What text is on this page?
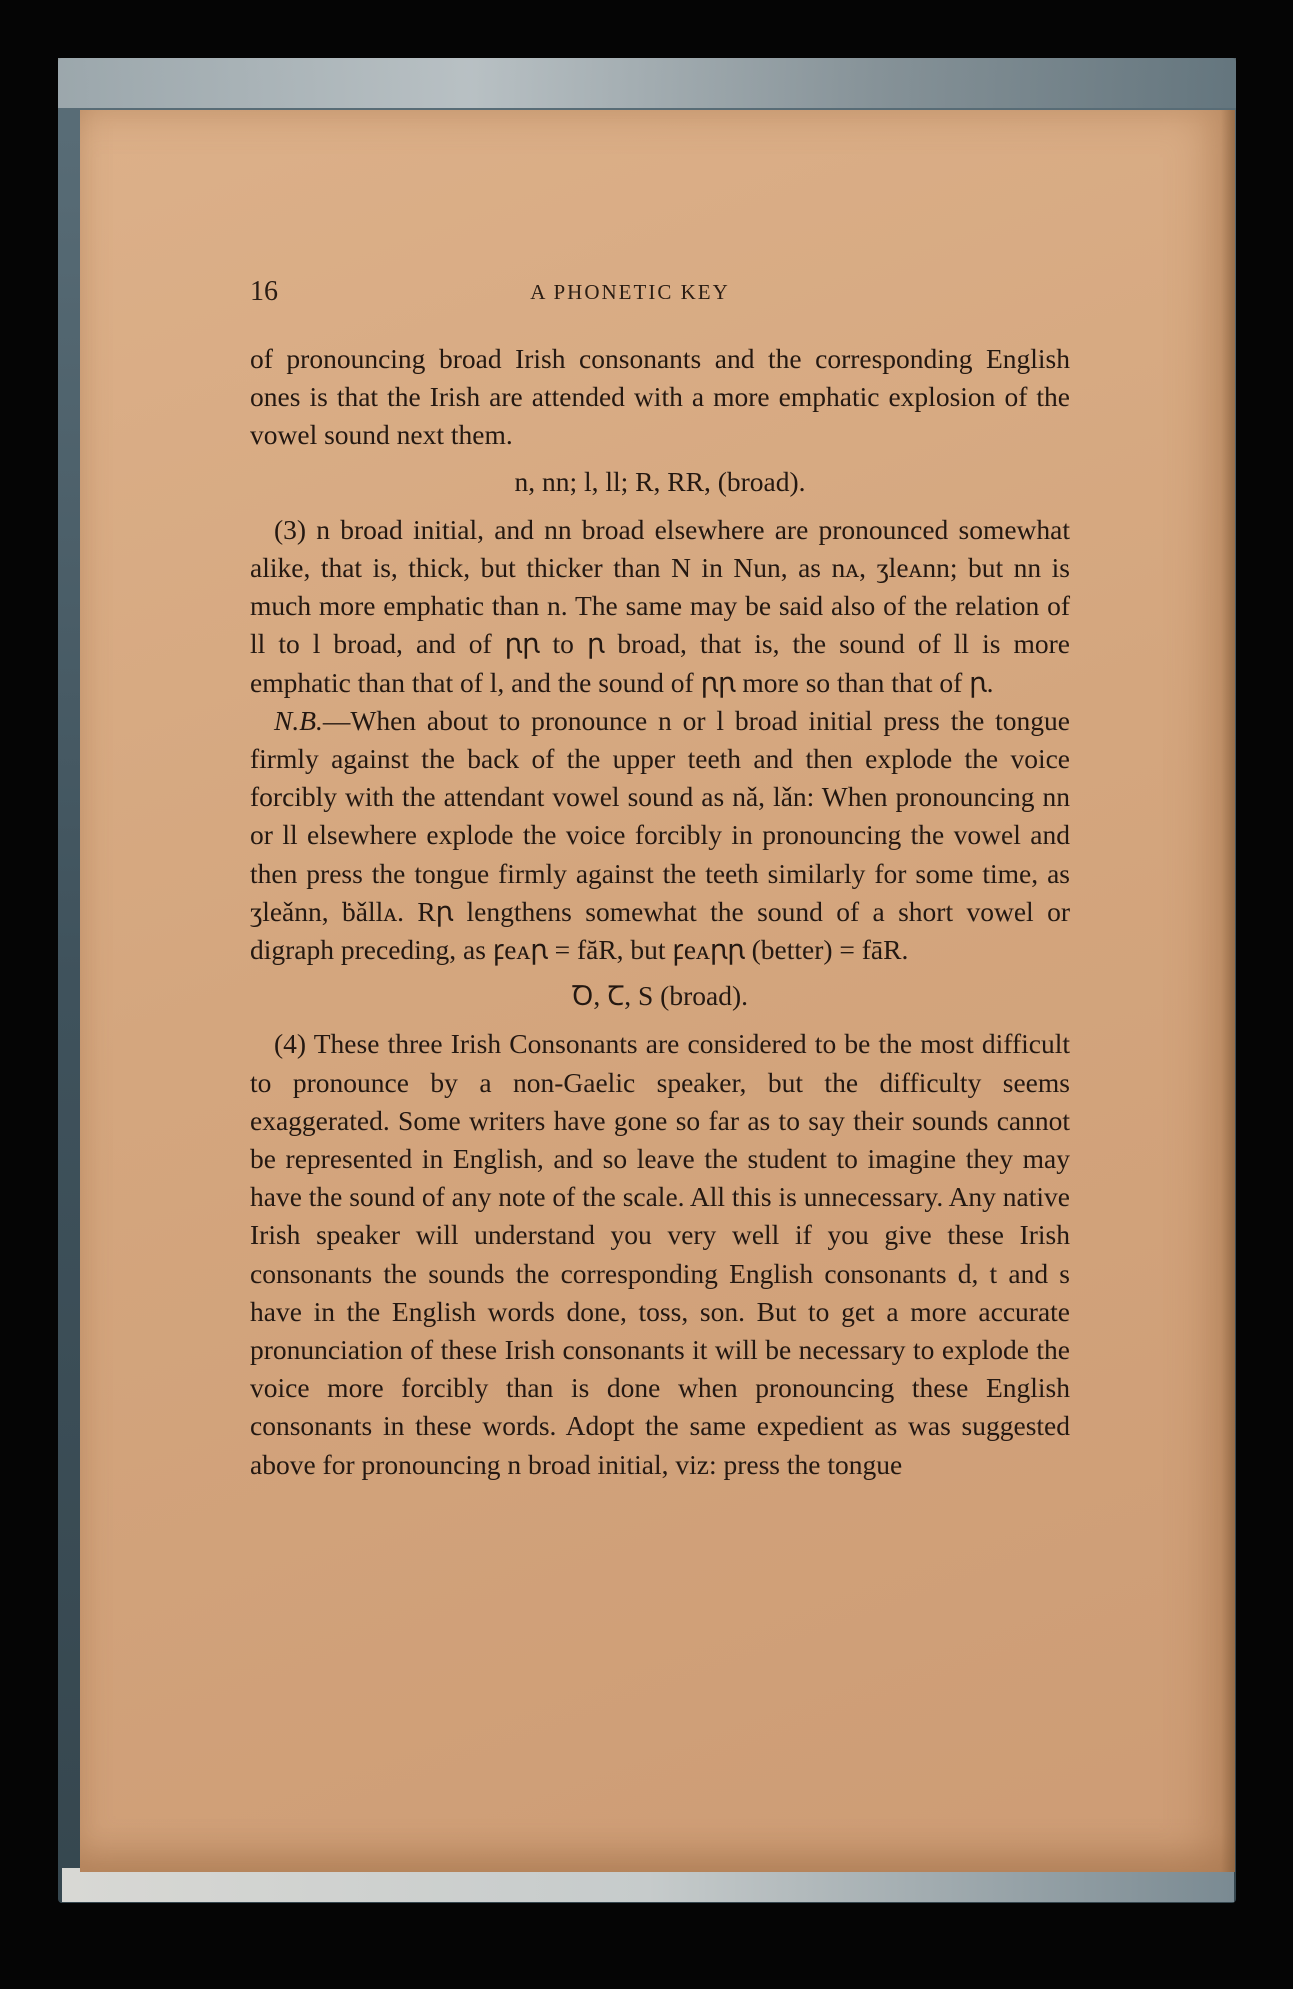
16	A PHONETIC KEY

of pronouncing broad Irish consonants and the corresponding English ones is that the Irish are attended with a more emphatic explosion of the vowel sound next them.

n, nn; l, ll; R, RR, (broad).

(3) n broad initial, and nn broad elsewhere are pronounced somewhat alike, that is, thick, but thicker than N in Nun, as nᴀ, ʒleᴀnn; but nn is much more emphatic than n. The same may be said also of the relation of ll to l broad, and of ꞃꞃ to ꞃ broad, that is, the sound of ll is more emphatic than that of l, and the sound of ꞃꞃ more so than that of ꞃ.

N.B.—When about to pronounce n or l broad initial press the tongue firmly against the back of the upper teeth and then explode the voice forcibly with the attendant vowel sound as nǎ, lǎn: When pronouncing nn or ll elsewhere explode the voice forcibly in pronouncing the vowel and then press the tongue firmly against the teeth similarly for some time, as ʒleǎnn, ḃǎllᴀ. Rꞃ lengthens somewhat the sound of a short vowel or digraph preceding, as ꝼeᴀꞃ = făR, but ꝼeᴀꞃꞃ (better) = fāR.

Ꝺ, Ꞇ, S (broad).

(4) These three Irish Consonants are considered to be the most difficult to pronounce by a non-Gaelic speaker, but the difficulty seems exaggerated. Some writers have gone so far as to say their sounds cannot be represented in English, and so leave the student to imagine they may have the sound of any note of the scale. All this is unnecessary. Any native Irish speaker will understand you very well if you give these Irish consonants the sounds the corresponding English consonants d, t and s have in the English words done, toss, son. But to get a more accurate pronunciation of these Irish consonants it will be necessary to explode the voice more forcibly than is done when pronouncing these English consonants in these words. Adopt the same expedient as was suggested above for pronouncing n broad initial, viz: press the tongue
